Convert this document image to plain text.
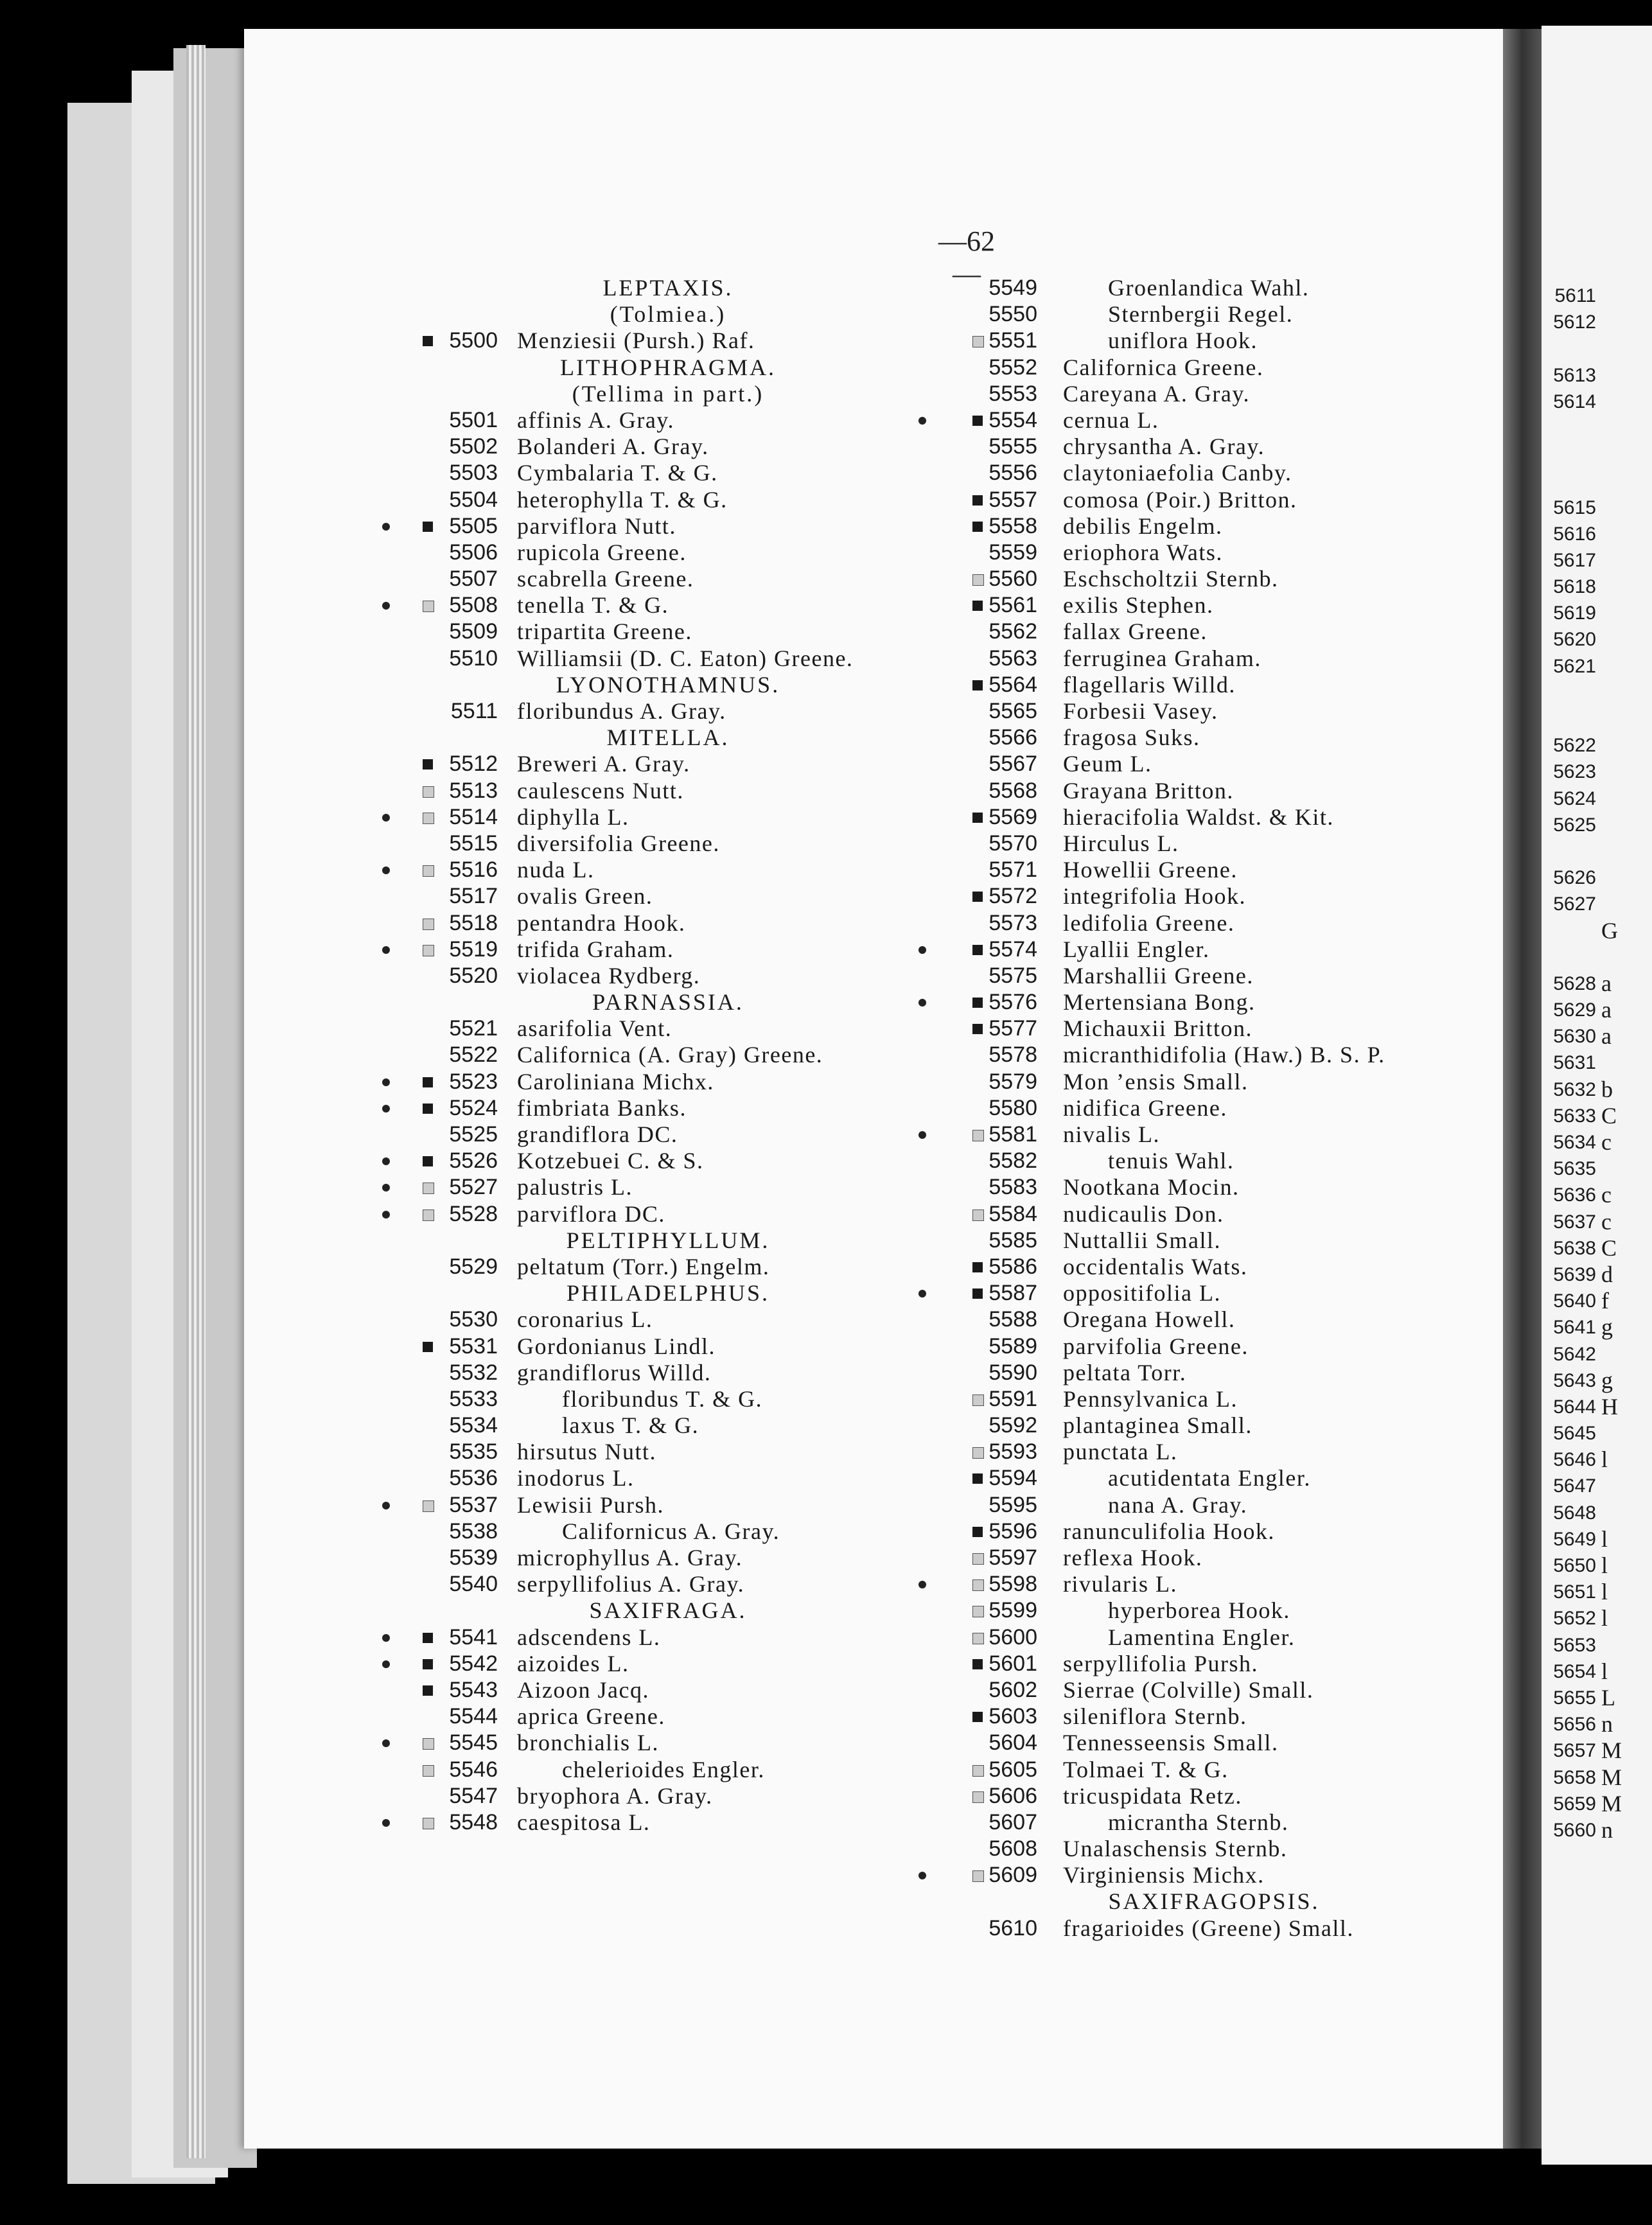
—62—
LEPTAXIS.
(Tolmiea.)
5500 Menziesii (Pursh.) Raf.
LITHOPHRAGMA.
(Tellima in part.)
5501 affinis A. Gray.
5502 Bolanderi A. Gray.
5503 Cymbalaria T. & G.
5504 heterophylla T. & G.
5505 parviflora Nutt.
5506 rupicola Greene.
5507 scabrella Greene.
5508 tenella T. & G.
5509 tripartita Greene.
5510 Williamsii (D. C. Eaton) Greene.
LYONOTHAMNUS.
5511 floribundus A. Gray.
MITELLA.
5512 Breweri A. Gray.
5513 caulescens Nutt.
5514 diphylla L.
5515 diversifolia Greene.
5516 nuda L.
5517 ovalis Green.
5518 pentandra Hook.
5519 trifida Graham.
5520 violacea Rydberg.
PARNASSIA.
5521 asarifolia Vent.
5522 Californica (A. Gray) Greene.
5523 Caroliniana Michx.
5524 fimbriata Banks.
5525 grandiflora DC.
5526 Kotzebuei C. & S.
5527 palustris L.
5528 parviflora DC.
PELTIPHYLLUM.
5529 peltatum (Torr.) Engelm.
PHILADELPHUS.
5530 coronarius L.
5531 Gordonianus Lindl.
5532 grandiflorus Willd.
5533	floribundus T. & G.
5534	laxus T. & G.
5535 hirsutus Nutt.
5536 inodorus L.
5537 Lewisii Pursh.
5538	Californicus A. Gray.
5539 microphyllus A. Gray.
5540 serpyllifolius A. Gray.
SAXIFRAGA.
5541 adscendens L.
5542 aizoides L.
5543 Aizoon Jacq.
5544 aprica Greene.
5545 bronchialis L.
5546	chelerioides Engler.
5547 bryophora A. Gray.
5548 caespitosa L.
5549	Groenlandica Wahl.
5550	Sternbergii Regel.
5551	uniflora Hook.
5552 Californica Greene.
5553 Careyana A. Gray.
5554 cernua L.
5555 chrysantha A. Gray.
5556 claytoniaefolia Canby.
5557 comosa (Poir.) Britton.
5558 debilis Engelm.
5559 eriophora Wats.
5560 Eschscholtzii Sternb.
5561 exilis Stephen.
5562 fallax Greene.
5563 ferruginea Graham.
5564 flagellaris Willd.
5565 Forbesii Vasey.
5566 fragosa Suks.
5567 Geum L.
5568 Grayana Britton.
5569 hieracifolia Waldst. & Kit.
5570 Hirculus L.
5571 Howellii Greene.
5572 integrifolia Hook.
5573 ledifolia Greene.
5574 Lyallii Engler.
5575 Marshallii Greene.
5576 Mertensiana Bong.
5577 Michauxii Britton.
5578 micranthidifolia (Haw.) B. S. P.
5579 Mon ’ensis Small.
5580 nidifica Greene.
5581 nivalis L.
5582	tenuis Wahl.
5583 Nootkana Mocin.
5584 nudicaulis Don.
5585 Nuttallii Small.
5586 occidentalis Wats.
5587 oppositifolia L.
5588 Oregana Howell.
5589 parvifolia Greene.
5590 peltata Torr.
5591 Pennsylvanica L.
5592 plantaginea Small.
5593 punctata L.
5594	acutidentata Engler.
5595	nana A. Gray.
5596 ranunculifolia Hook.
5597 reflexa Hook.
5598 rivularis L.
5599	hyperborea Hook.
5600	Lamentina Engler.
5601 serpyllifolia Pursh.
5602 Sierrae (Colville) Small.
5603 sileniflora Sternb.
5604 Tennesseensis Small.
5605 Tolmaei T. & G.
5606 tricuspidata Retz.
5607	micrantha Sternb.
5608 Unalaschensis Sternb.
5609 Virginiensis Michx.
SAXIFRAGOPSIS.
5610 fragarioides (Greene) Small.
5611
5612
5613
5614
5615
5616
5617
5618
5619
5620
5621
5622
5623
5624
5625
5626
5627
G
5628 a
5629 a
5630 a
5631
5632 b
5633 C
5634 c
5635
5636 c
5637 c
5638 C
5639 d
5640 f
5641 g
5642
5643 g
5644 H
5645
5646 l
5647
5648
5649 l
5650 l
5651 l
5652 l
5653
5654 l
5655 L
5656 n
5657 M
5658 M
5659 M
5660 n
